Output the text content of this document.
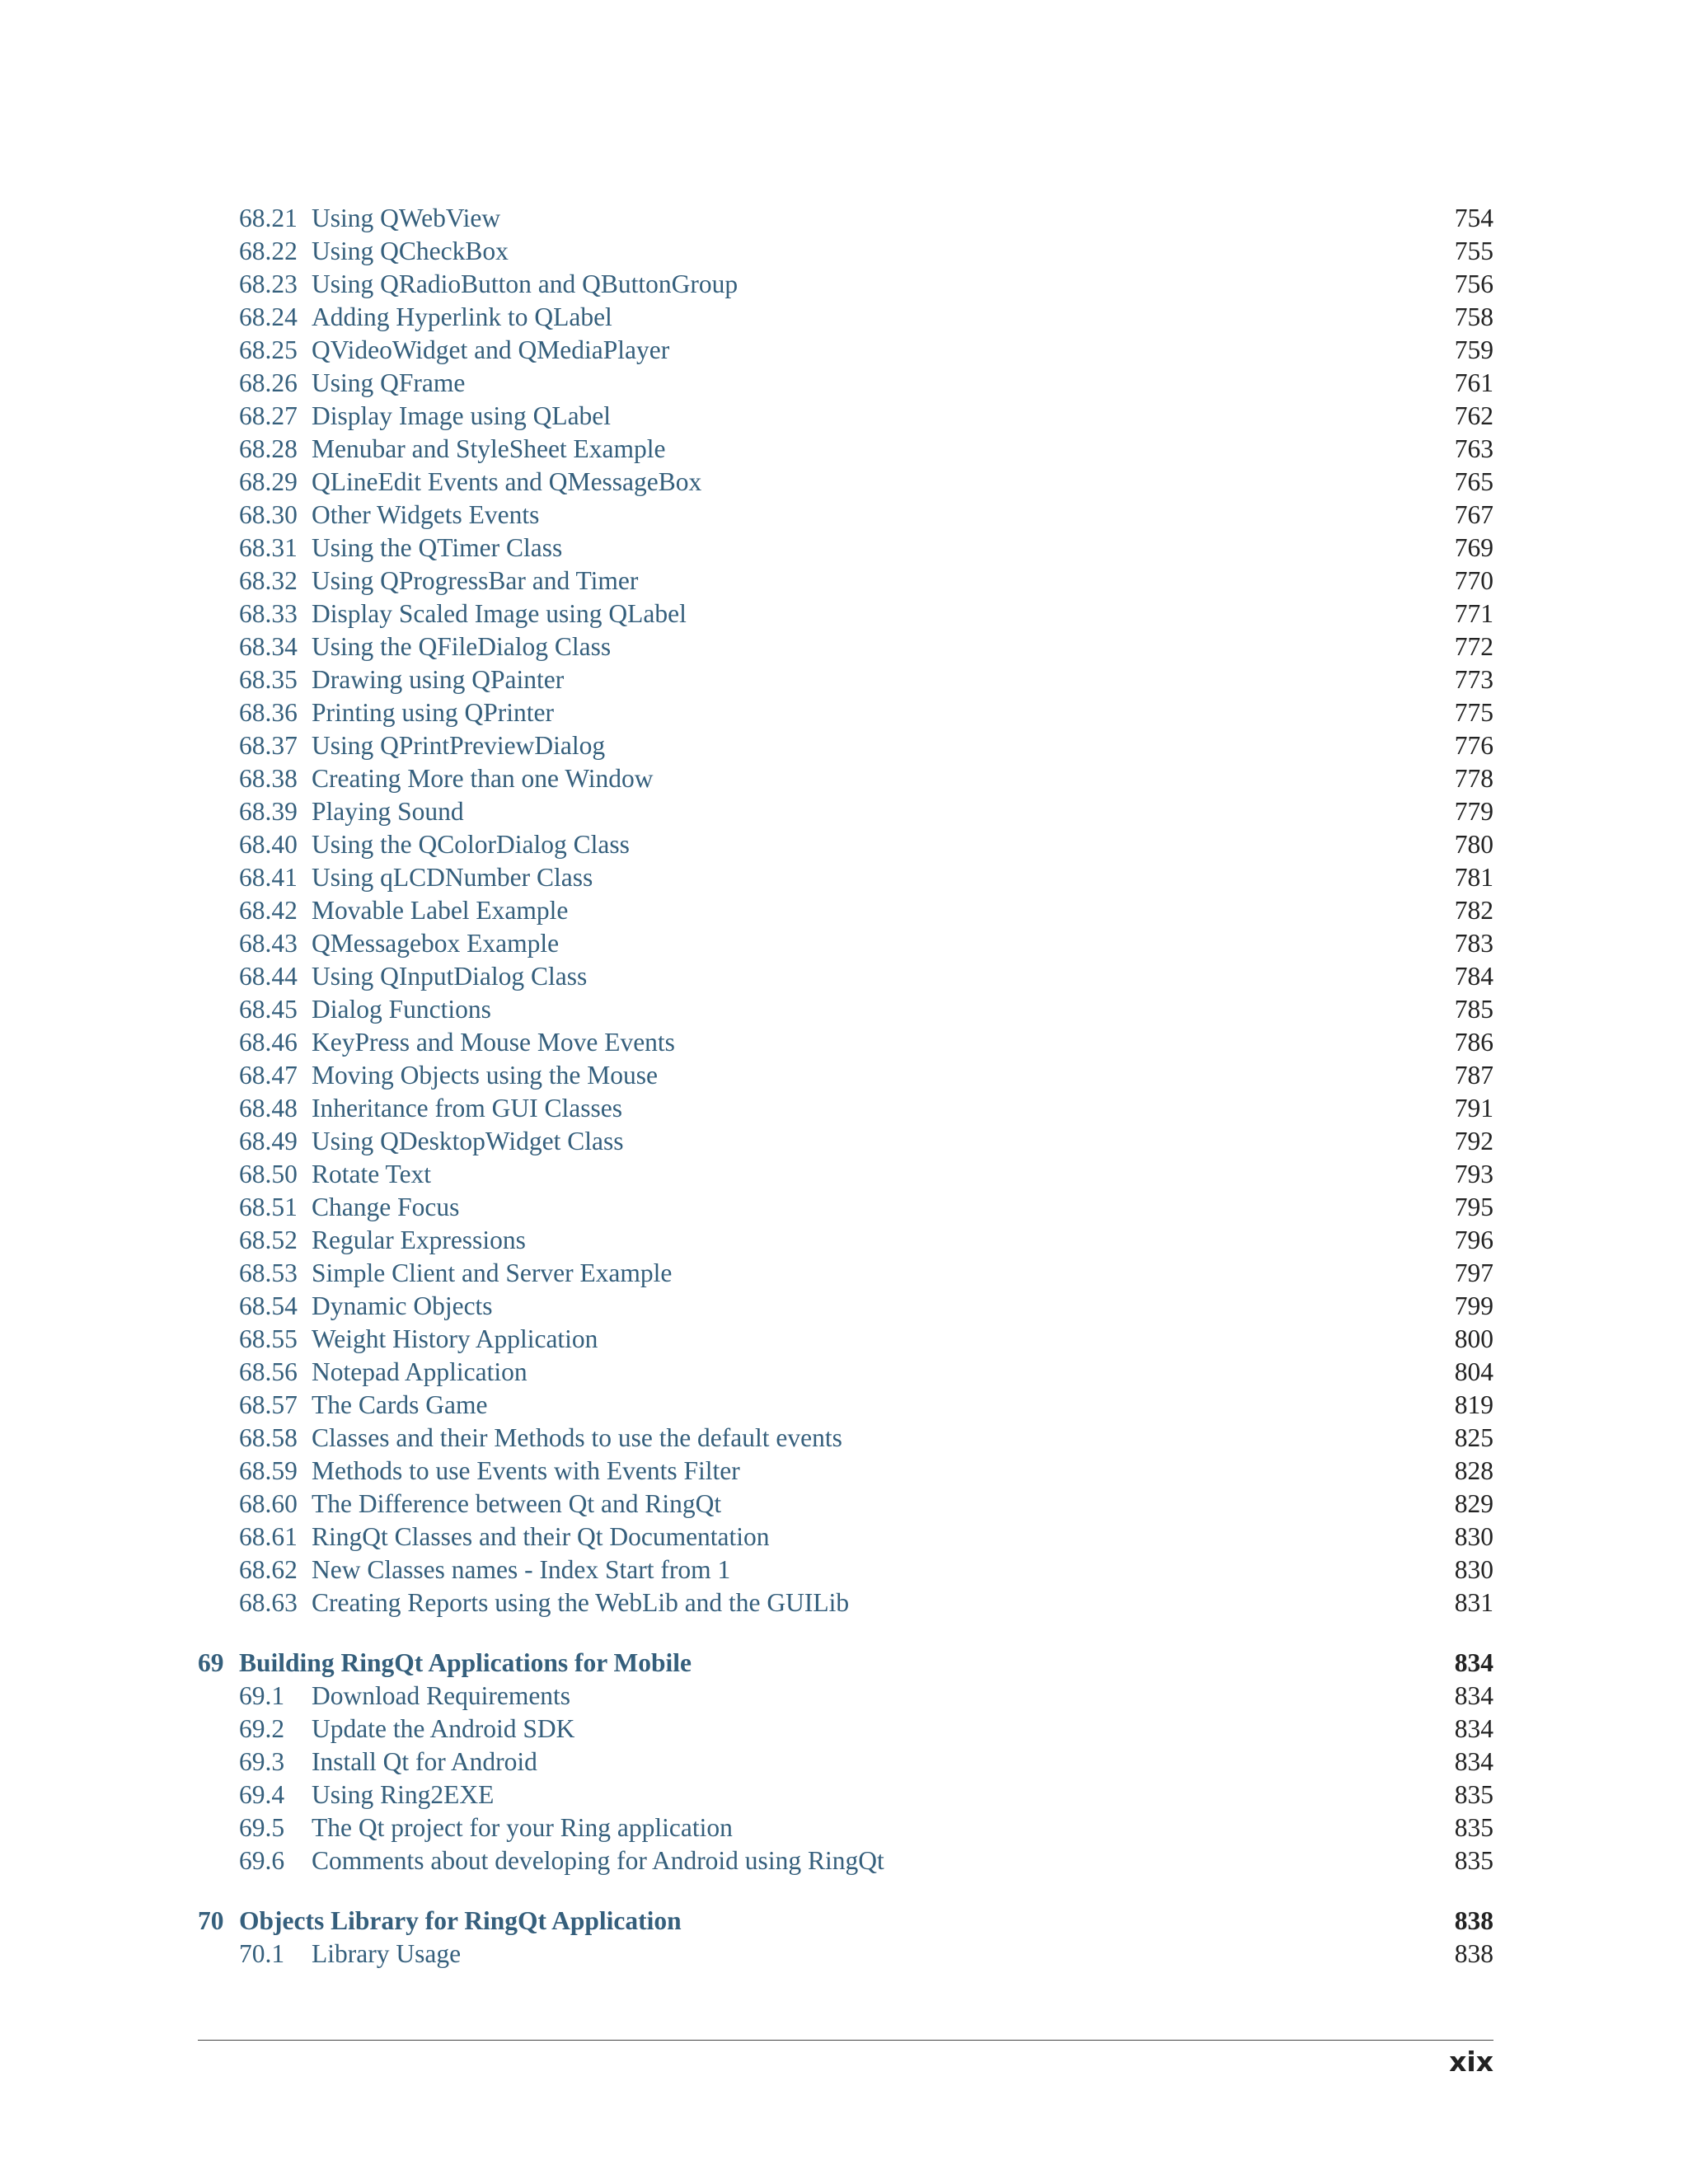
68.21 Using QWebView	754
68.22 Using QCheckBox	755
68.23 Using QRadioButton and QButtonGroup	756
68.24 Adding Hyperlink to QLabel	758
68.25 QVideoWidget and QMediaPlayer	759
68.26 Using QFrame	761
68.27 Display Image using QLabel	762
68.28 Menubar and StyleSheet Example	763
68.29 QLineEdit Events and QMessageBox	765
68.30 Other Widgets Events	767
68.31 Using the QTimer Class	769
68.32 Using QProgressBar and Timer	770
68.33 Display Scaled Image using QLabel	771
68.34 Using the QFileDialog Class	772
68.35 Drawing using QPainter	773
68.36 Printing using QPrinter	775
68.37 Using QPrintPreviewDialog	776
68.38 Creating More than one Window	778
68.39 Playing Sound	779
68.40 Using the QColorDialog Class	780
68.41 Using qLCDNumber Class	781
68.42 Movable Label Example	782
68.43 QMessagebox Example	783
68.44 Using QInputDialog Class	784
68.45 Dialog Functions	785
68.46 KeyPress and Mouse Move Events	786
68.47 Moving Objects using the Mouse	787
68.48 Inheritance from GUI Classes	791
68.49 Using QDesktopWidget Class	792
68.50 Rotate Text	793
68.51 Change Focus	795
68.52 Regular Expressions	796
68.53 Simple Client and Server Example	797
68.54 Dynamic Objects	799
68.55 Weight History Application	800
68.56 Notepad Application	804
68.57 The Cards Game	819
68.58 Classes and their Methods to use the default events	825
68.59 Methods to use Events with Events Filter	828
68.60 The Difference between Qt and RingQt	829
68.61 RingQt Classes and their Qt Documentation	830
68.62 New Classes names - Index Start from 1	830
68.63 Creating Reports using the WebLib and the GUILib	831
69 Building RingQt Applications for Mobile	834
69.1 Download Requirements	834
69.2 Update the Android SDK	834
69.3 Install Qt for Android	834
69.4 Using Ring2EXE	835
69.5 The Qt project for your Ring application	835
69.6 Comments about developing for Android using RingQt	835
70 Objects Library for RingQt Application	838
70.1 Library Usage	838
xix
